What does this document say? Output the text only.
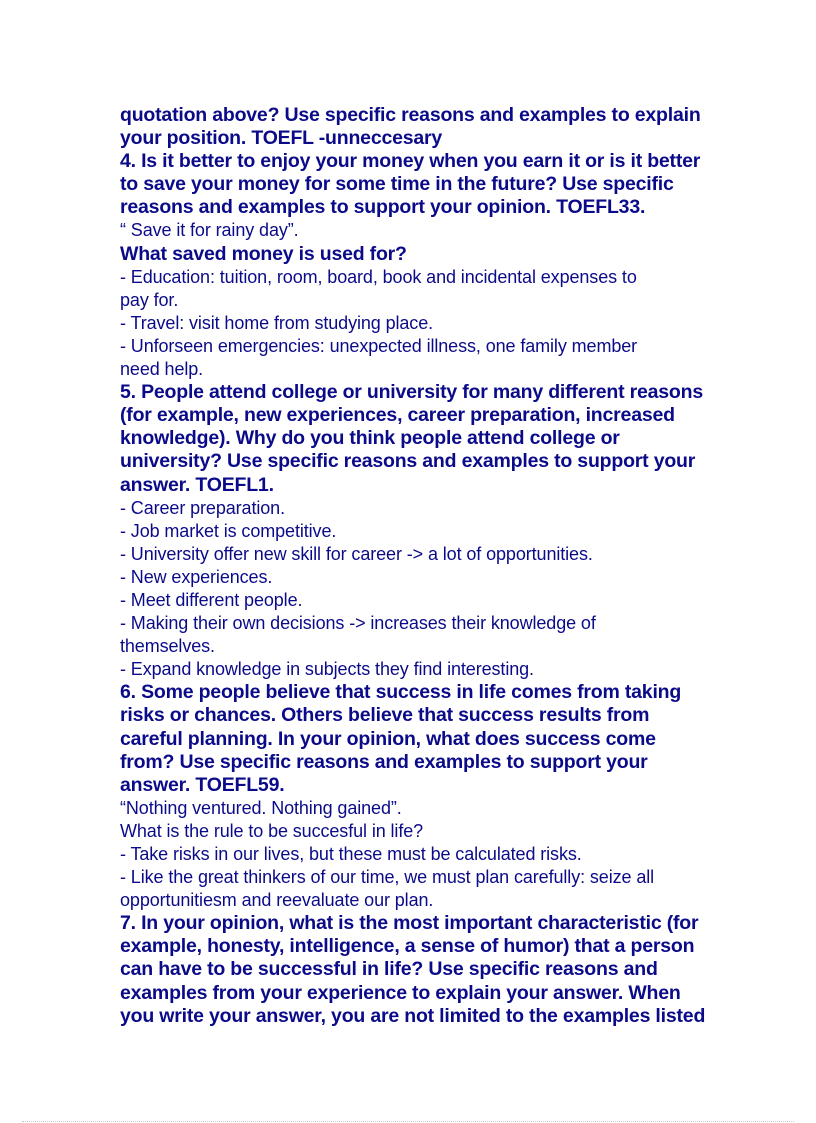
quotation above? Use specific reasons and examples to explain
your position. TOEFL -unneccesary
4. Is it better to enjoy your money when you earn it or is it better
to save your money for some time in the future? Use specific
reasons and examples to support your opinion. TOEFL33.
“ Save it for rainy day”.
What saved money is used for?
- Education: tuition, room, board, book and incidental expenses to
pay for.
- Travel: visit home from studying place.
- Unforseen emergencies: unexpected illness, one family member
need help.
5. People attend college or university for many different reasons
(for example, new experiences, career preparation, increased
knowledge). Why do you think people attend college or
university? Use specific reasons and examples to support your
answer. TOEFL1.
- Career preparation.
- Job market is competitive.
- University offer new skill for career -> a lot of opportunities.
- New experiences.
- Meet different people.
- Making their own decisions -> increases their knowledge of
themselves.
- Expand knowledge in subjects they find interesting.
6. Some people believe that success in life comes from taking
risks or chances. Others believe that success results from
careful planning. In your opinion, what does success come
from? Use specific reasons and examples to support your
answer. TOEFL59.
“Nothing ventured. Nothing gained”.
What is the rule to be succesful in life?
- Take risks in our lives, but these must be calculated risks.
- Like the great thinkers of our time, we must plan carefully: seize all
opportunitiesm and reevaluate our plan.
7. In your opinion, what is the most important characteristic (for
example, honesty, intelligence, a sense of humor) that a person
can have to be successful in life? Use specific reasons and
examples from your experience to explain your answer. When
you write your answer, you are not limited to the examples listed
